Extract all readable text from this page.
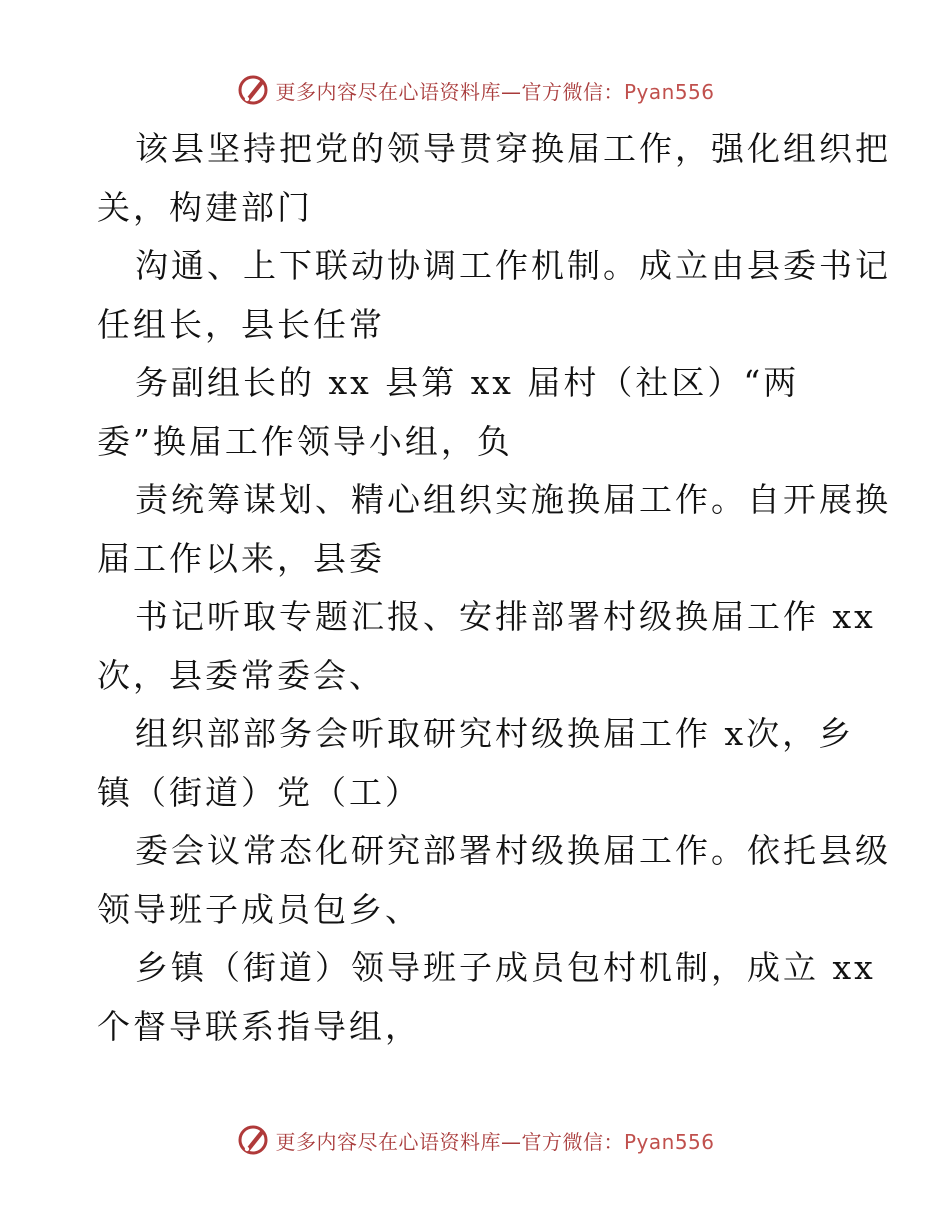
更多内容尽在心语资料库—官方微信：Pyan556
该县坚持把党的领导贯穿换届工作，强化组织把
关，构建部门
沟通、上下联动协调工作机制。成立由县委书记
任组长，县长任常
务副组长的 xx 县第 xx 届村（社区）“两
委”换届工作领导小组，负
责统筹谋划、精心组织实施换届工作。自开展换
届工作以来，县委
书记听取专题汇报、安排部署村级换届工作 xx
次，县委常委会、
组织部部务会听取研究村级换届工作 x次，乡
镇（街道）党（工）
委会议常态化研究部署村级换届工作。依托县级
领导班子成员包乡、
乡镇（街道）领导班子成员包村机制，成立 xx
个督导联系指导组，
更多内容尽在心语资料库—官方微信：Pyan556
